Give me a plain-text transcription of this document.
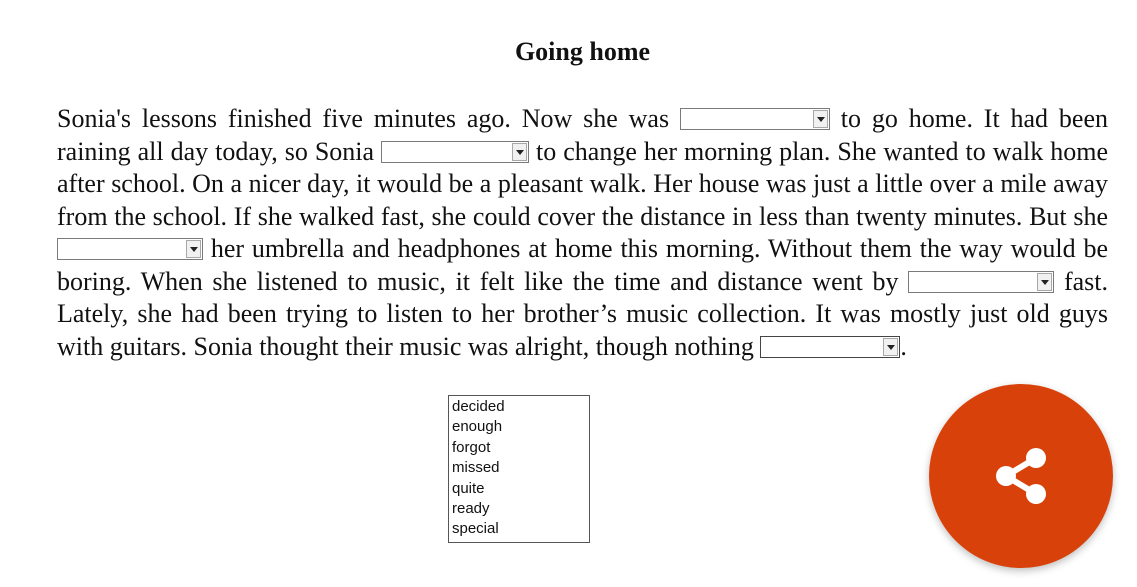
Going home
Sonia's lessons finished five minutes ago. Now she was	to go home. It had been raining all day today, so Sonia	to change her morning plan. She wanted to walk home after school. On a nicer day, it would be a pleasant walk. Her house was just a little over a mile away from the school. If she walked fast, she could cover the distance in less than twenty minutes. But she
her umbrella and headphones at home this morning. Without them the way would be boring. When she listened to music, it felt like the time and distance went by	fast. Lately, she had been trying to listen to her brother’s music collection. It was mostly just old guys with guitars. Sonia thought their music was alright, though nothing	.
decided
enough
forgot
missed
quite
ready
special
